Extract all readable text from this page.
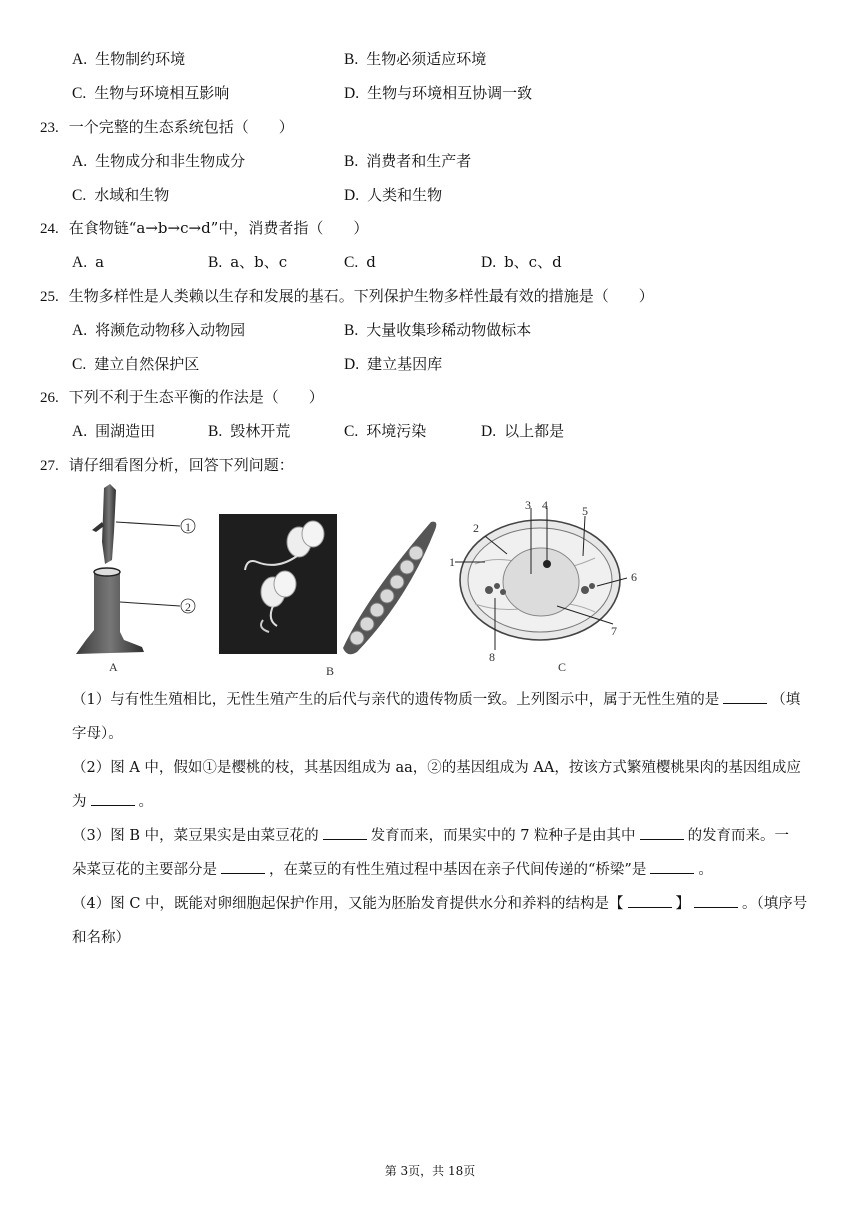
A. 生物制约环境	B. 生物必须适应环境
C. 生物与环境相互影响	D. 生物与环境相互协调一致
23. 一个完整的生态系统包括（　　）
A. 生物成分和非生物成分	B. 消费者和生产者
C. 水域和生物	D. 人类和生物
24. 在食物链“a→b→c→d”中，消费者指（　　）
A. a	B. a、b、c	C. d	D. b、c、d
25. 生物多样性是人类赖以生存和发展的基石。下列保护生物多样性最有效的措施是（　　）
A. 将濒危动物移入动物园	B. 大量收集珍稀动物做标本
C. 建立自然保护区	D. 建立基因库
26. 下列不利于生态平衡的作法是（　　）
A. 围湖造田	B. 毁林开荒	C. 环境污染	D. 以上都是
27. 请仔细看图分析，回答下列问题：
1
2
A	B
1
2
3 4	5
6
7
8
C
（1）与有性生殖相比，无性生殖产生的后代与亲代的遗传物质一致。上列图示中，属于无性生殖的是	（填
字母）。
（2）图 A 中，假如①是樱桃的枝，其基因组成为 aa，②的基因组成为 AA，按该方式繁殖樱桃果肉的基因组成应
为	。
（3）图 B 中，菜豆果实是由菜豆花的	发育而来，而果实中的 7 粒种子是由其中	的发育而来。一
朵菜豆花的主要部分是	，在菜豆的有性生殖过程中基因在亲子代间传递的“桥梁”是	。
（4）图 C 中，既能对卵细胞起保护作用，又能为胚胎发育提供水分和养料的结构是【	】	。（填序号
和名称）
第 3页，共 18页
